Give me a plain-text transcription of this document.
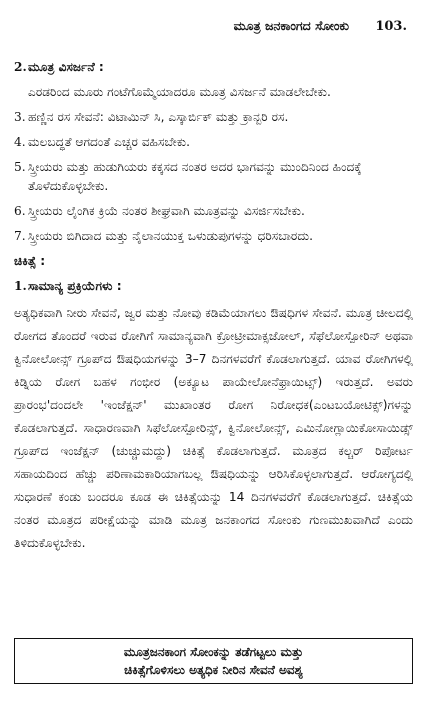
ಮೂತ್ರ ಜನಕಾಂಗದ ಸೋಂಕು 103.
2. ಮೂತ್ರ ವಿಸರ್ಜನೆ :
ಎರಡರಿಂದ ಮೂರು ಗಂಟೆಗೊಮ್ಮೆಯಾದರೂ ಮೂತ್ರ ವಿಸರ್ಜನೆ ಮಾಡಲೇಬೇಕು.
3. ಹಣ್ಣಿನ ರಸ ಸೇವನೆ: ವಿಟಾಮಿನ್ ಸಿ, ಎಸ್ಕಾರ್ಬಿಕ್ ಮತ್ತು ಕ್ರಾನ್ಬರಿ ರಸ.
4. ಮಲಬದ್ಧತೆ ಆಗದಂತೆ ಎಚ್ಚರ ವಹಿಸಬೇಕು.
5. ಸ್ತ್ರೀಯರು ಮತ್ತು ಹುಡುಗಿಯರು ಕಕ್ಕಸದ ನಂತರ ಅದರ ಭಾಗವನ್ನು ಮುಂದಿನಿಂದ ಹಿಂದಕ್ಕೆ ತೊಳೆದುಕೊಳ್ಳಬೇಕು.
6. ಸ್ತ್ರೀಯರು ಲೈಂಗಿಕ ಕ್ರಿಯೆ ನಂತರ ಶೀಘ್ರವಾಗಿ ಮೂತ್ರವನ್ನು ವಿಸರ್ಜಿಸಬೇಕು.
7. ಸ್ತ್ರೀಯರು ಬಿಗಿದಾದ ಮತ್ತು ನೈಲಾನಯುಕ್ತ ಒಳುಡುಪುಗಳನ್ನು ಧರಿಸಬಾರದು.
ಚಿಕಿತ್ಸೆ :
1. ಸಾಮಾನ್ಯ ಪ್ರಕ್ರಿಯೆಗಳು :
ಅತ್ಯಧಿಕವಾಗಿ ನೀರು ಸೇವನೆ, ಜ್ವರ ಮತ್ತು ನೋವು ಕಡಿಮೆಯಾಗಲು ಔಷಧಿಗಳ ಸೇವನೆ. ಮೂತ್ರ ಚೀಲದಲ್ಲಿ ರೋಗದ ತೊಂದರೆ ಇರುವ ರೋಗಿಗೆ ಸಾಮಾನ್ಯವಾಗಿ ಕ್ರೋಟ್ರೀಮಾಕ್ಸಜೋಲ್, ಸೆಫೆಲೋಸ್ಪೋರಿನ್ ಅಥವಾ ಕ್ವಿನೋಲೋನ್ಸ್ ಗ್ರೂಪ್‌ದ ಔಷಧಿಯಗಳನ್ನು 3–7 ದಿನಗಳವರೆಗೆ ಕೊಡಲಾಗುತ್ತದೆ. ಯಾವ ರೋಗಿಗಳಲ್ಲಿ ಕಿಡ್ನಿಯ ರೋಗ ಬಹಳ ಗಂಭೀರ (ಅಕ್ಯೂಟ ಪಾಯೇಲೋನೆಫ್ರಾಯಿಟ್ಸ್) ಇರುತ್ತದೆ. ಅವರು ಪ್ರಾರಂಭ'ದಂದಲೇ 'ಇಂಜೆಕ್ಷನ್' ಮುಖಾಂತರ ರೋಗ ನಿರೋಧಕ(ಎಂಟಬಯೋಟಿಕ್ಸ್)ಗಳನ್ನು ಕೊಡಲಾಗುತ್ತದೆ. ಸಾಧಾರಣವಾಗಿ ಸಿಫೆಲೋಸ್ಪೋರಿನ್ಸ್, ಕ್ವಿನೋಲೋನ್ಸ್, ಎಮಿನೋಗ್ಲಾಯಿಕೋಸಾಯಿಡ್ಸ್ ಗ್ರೂಪ್‌ದ ಇಂಜೆಕ್ಷನ್ (ಚುಚ್ಚುಮದ್ದು) ಚಿಕಿತ್ಸೆ ಕೊಡಲಾಗುತ್ತದೆ. ಮೂತ್ರದ ಕಲ್ಚರ್ ರಿಪೋರ್ಟ ಸಹಾಯದಿಂದ ಹೆಚ್ಚು ಪರಿಣಾಮಕಾರಿಯಾಗಬಲ್ಲ ಔಷಧಿಯನ್ನು ಆರಿಸಿಕೊಳ್ಳಲಾಗುತ್ತದೆ. ಆರೋಗ್ಯದಲ್ಲಿ ಸುಧಾರಣೆ ಕಂಡು ಬಂದರೂ ಕೂಡ ಈ ಚಿಕಿತ್ಸೆಯನ್ನು 14 ದಿನಗಳವರೆಗೆ ಕೊಡಲಾಗುತ್ತದೆ. ಚಿಕಿತ್ಸೆಯ ನಂತರ ಮೂತ್ರದ ಪರೀಕ್ಷೆಯನ್ನು ಮಾಡಿ ಮೂತ್ರ ಜನಕಾಂಗದ ಸೋಂಕು ಗುಣಮುಖವಾಗಿದೆ ಎಂದು ತಿಳಿದುಕೊಳ್ಳಬೇಕು.
ಮೂತ್ರಜನಕಾಂಗ ಸೋಂಕನ್ನು ತಡೆಗಟ್ಟಲು ಮತ್ತು
ಚಿಕಿತ್ಸೆಗೊಳಿಸಲು ಅತ್ಯಧಿಕ ನೀರಿನ ಸೇವನೆ ಅವಶ್ಯ
